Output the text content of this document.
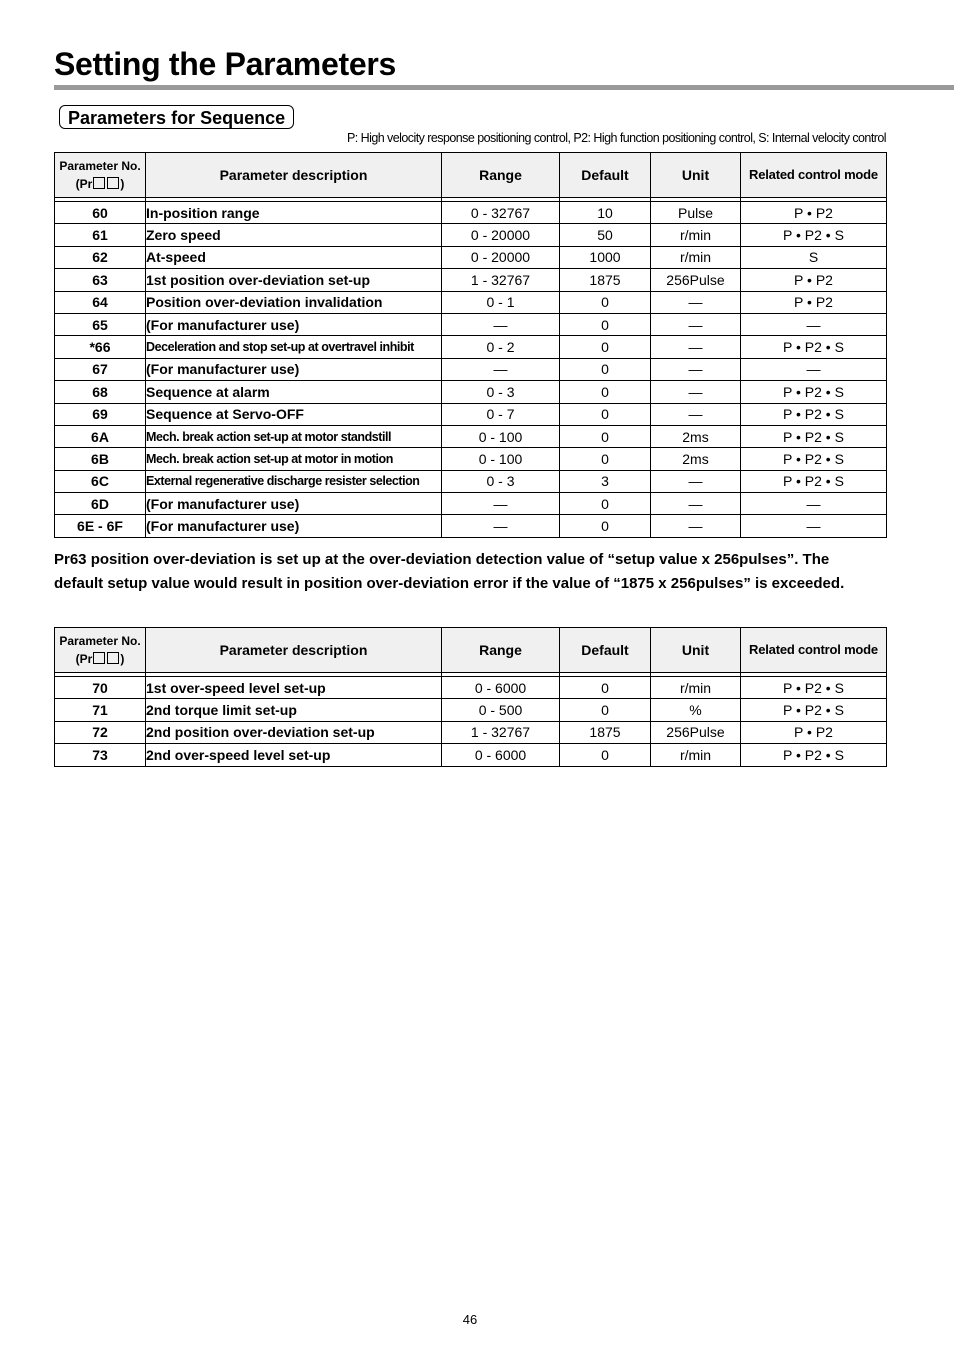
Setting the Parameters
Parameters for Sequence
P: High velocity response positioning control, P2: High function positioning control, S: Internal velocity control
Parameter No.
(Pr )	Parameter description	Range	Default	Unit	Related control mode

60	In-position range	0 - 32767	10	Pulse	P • P2
61	Zero speed	0 - 20000	50	r/min	P • P2 • S
62	At-speed	0 - 20000	1000	r/min	S
63	1st position over-deviation set-up	1 - 32767	1875	256Pulse	P • P2
64	Position over-deviation invalidation	0 - 1	0	—	P • P2
65	(For manufacturer use)	—	0	—	—
*66	Deceleration and stop set-up at overtravel inhibit	0 - 2	0	—	P • P2 • S
67	(For manufacturer use)	—	0	—	—
68	Sequence at alarm	0 - 3	0	—	P • P2 • S
69	Sequence at Servo-OFF	0 - 7	0	—	P • P2 • S
6A	Mech. break action set-up at motor standstill	0 - 100	0	2ms	P • P2 • S
6B	Mech. break action set-up at motor in motion	0 - 100	0	2ms	P • P2 • S
6C	External regenerative discharge resister selection	0 - 3	3	—	P • P2 • S
6D	(For manufacturer use)	—	0	—	—
6E - 6F	(For manufacturer use)	—	0	—	—
Pr63 position over-deviation is set up at the over-deviation detection value of “setup value x 256pulses”. The default setup value would result in position over-deviation error if the value of “1875 x 256pulses” is exceeded.
Parameter No.
(Pr )	Parameter description	Range	Default	Unit	Related control mode

70	1st over-speed level set-up	0 - 6000	0	r/min	P • P2 • S
71	2nd torque limit set-up	0 - 500	0	%	P • P2 • S
72	2nd position over-deviation set-up	1 - 32767	1875	256Pulse	P • P2
73	2nd over-speed level set-up	0 - 6000	0	r/min	P • P2 • S
46
